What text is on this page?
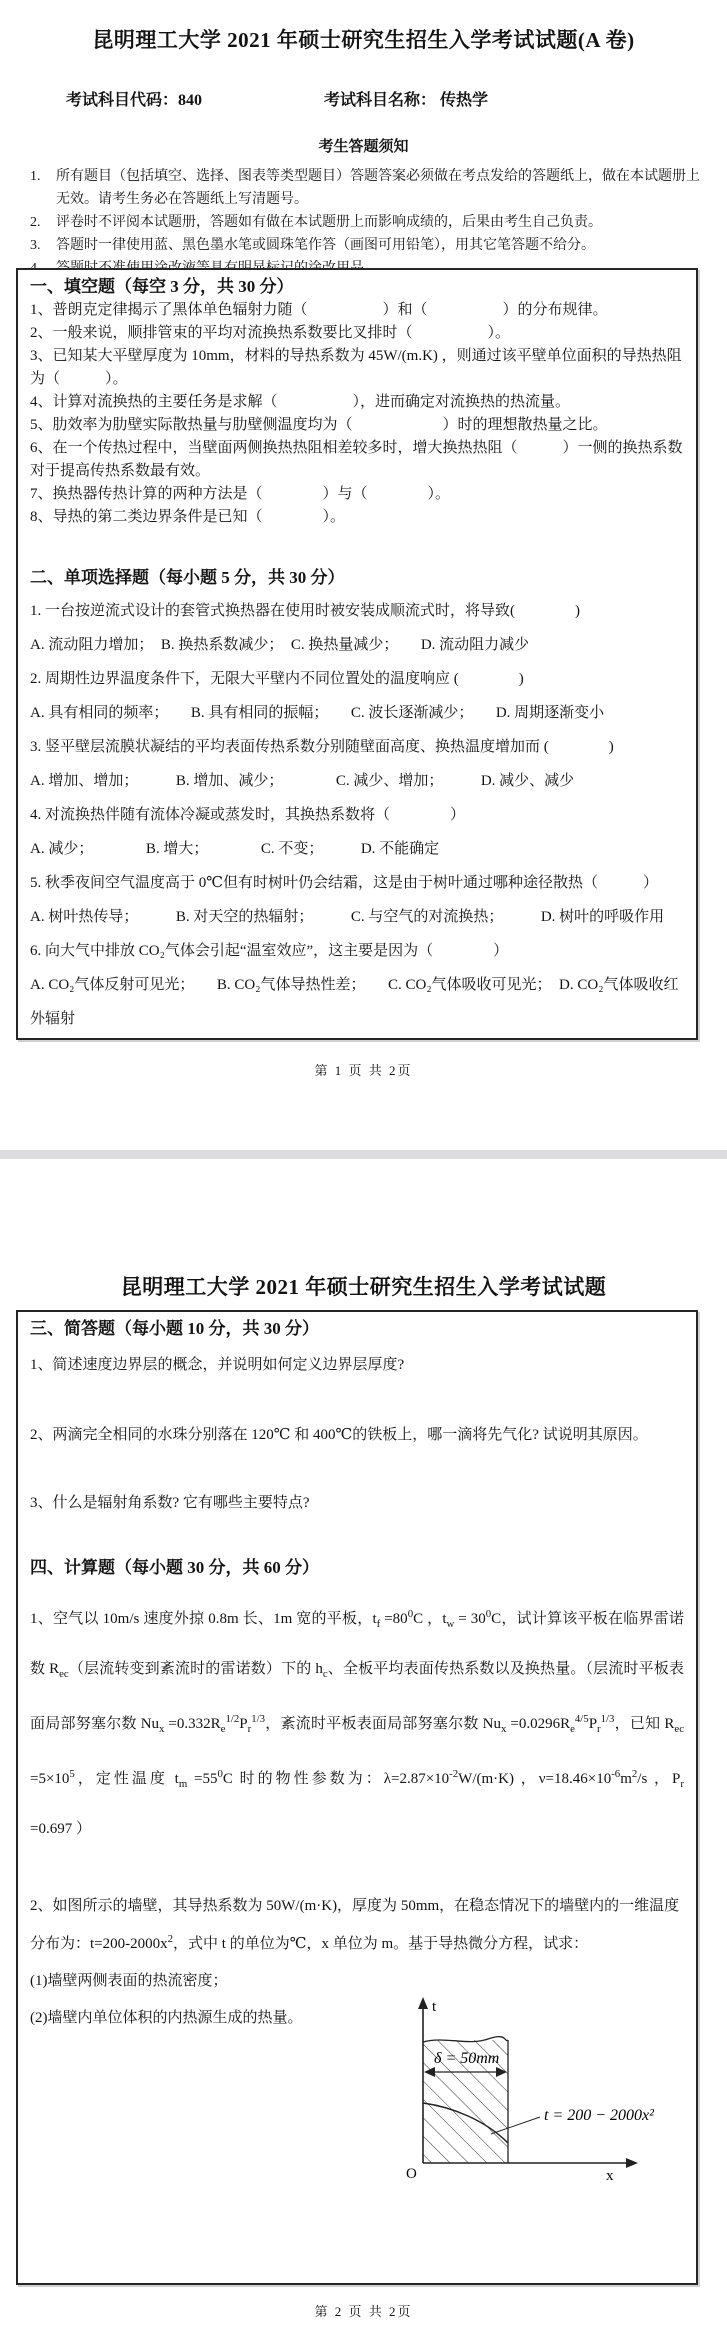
昆明理工大学 2021 年硕士研究生招生入学考试试题(A 卷)
考试科目代码：840	考试科目名称： 传热学
考生答题须知
1.	所有题目（包括填空、选择、图表等类型题目）答题答案必须做在考点发给的答题纸上，做在本试题册上无效。请考生务必在答题纸上写清题号。
2.	评卷时不评阅本试题册，答题如有做在本试题册上而影响成绩的，后果由考生自己负责。
3.	答题时一律使用蓝、黑色墨水笔或圆珠笔作答（画图可用铅笔），用其它笔答题不给分。

一、填空题（每空 3 分，共 30 分）

1、普朗克定律揭示了黑体单色辐射力随（　　　　　）和（　　　　　）的分布规律。

2、一般来说，顺排管束的平均对流换热系数要比叉排时（　　　　　）。

3、已知某大平壁厚度为 10mm，材料的导热系数为 45W/(m.K) ，则通过该平壁单位面积的导热热阻为（　　　）。

4、计算对流换热的主要任务是求解（　　　　　），进而确定对流换热的热流量。

5、肋效率为肋壁实际散热量与肋壁侧温度均为（　　　　　　）时的理想散热量之比。

6、在一个传热过程中，当壁面两侧换热热阻相差较多时，增大换热热阻（　　　）一侧的换热系数对于提高传热系数最有效。

7、换热器传热计算的两种方法是（　　　　）与（　　　　）。

8、导热的第二类边界条件是已知（　　　　）。

二、单项选择题（每小题 5 分，共 30 分）

1. 一台按逆流式设计的套管式换热器在使用时被安装成顺流式时，将导致(　　　　)

A. 流动阻力增加；　B. 换热系数减少；　C. 换热量减少；　　D. 流动阻力减少

2. 周期性边界温度条件下，无限大平壁内不同位置处的温度响应 (　　　　)

A. 具有相同的频率；　　B. 具有相同的振幅；　　C. 波长逐渐减少；　　D. 周期逐渐变小

3. 竖平壁层流膜状凝结的平均表面传热系数分别随壁面高度、换热温度增加而 (　　　　)

A. 增加、增加；　　　B. 增加、减少；　　　　C. 减少、增加；　　　D. 减少、减少

4. 对流换热伴随有流体冷凝或蒸发时，其换热系数将（　　　　）

A. 减少；　　　　B. 增大；　　　　C. 不变；　　　D. 不能确定

5. 秋季夜间空气温度高于 0℃但有时树叶仍会结霜，这是由于树叶通过哪种途径散热（　　　）

A. 树叶热传导；　　　B. 对天空的热辐射；　　　C. 与空气的对流换热；　　　D. 树叶的呼吸作用

6. 向大气中排放 CO₂气体会引起“温室效应”，这主要是因为（　　　　）

A. CO₂气体反射可见光；　　B. CO₂气体导热性差；　　C. CO₂气体吸收可见光；　D. CO₂气体吸收红外辐射

第 1 页 共 2页
昆明理工大学 2021 年硕士研究生招生入学考试试题

三、简答题（每小题 10 分，共 30 分）

1、简述速度边界层的概念，并说明如何定义边界层厚度?

2、两滴完全相同的水珠分别落在 120℃ 和 400℃的铁板上，哪一滴将先气化? 试说明其原因。

3、什么是辐射角系数? 它有哪些主要特点?

四、计算题（每小题 30 分，共 60 分）

1、空气以 10m/s 速度外掠 0.8m 长、1m 宽的平板，$t_f =80^0C$ ，$t_w = 30^0C$，试计算该平板在临界雷诺数 $R_{ec}$（层流转变到紊流时的雷诺数）下的 $h_c$、全板平均表面传热系数以及换热量。（层流时平板表面局部努塞尔数 $Nu_x =0.332R_e^{1/2}P_r^{1/3}$，紊流时平板表面局部努塞尔数 $Nu_x =0.0296R_e^{4/5}P_r^{1/3}$，已知 $R_{ec} =5\times 10^5$，定性温度 $t_m =55^0C$ 时的物性参数为：$\lambda=2.87\times 10^{-2}W/(m\cdot K)$ ，$\nu=18.46\times 10^{-6}m^2/s$ ，$P_r =0.697$ ）

2、如图所示的墙壁，其导热系数为 50W/(m·K)，厚度为 50mm，在稳态情况下的墙壁内的一维温度分布为：$t=200-2000x^2$，式中 t 的单位为℃，x 单位为 m。基于导热微分方程，试求：

(1)墙壁两侧表面的热流密度；

(2)墙壁内单位体积的内热源生成的热量。

t
x
O
δ = 50mm
t = 200 − 2000x²
第 2 页 共 2页
